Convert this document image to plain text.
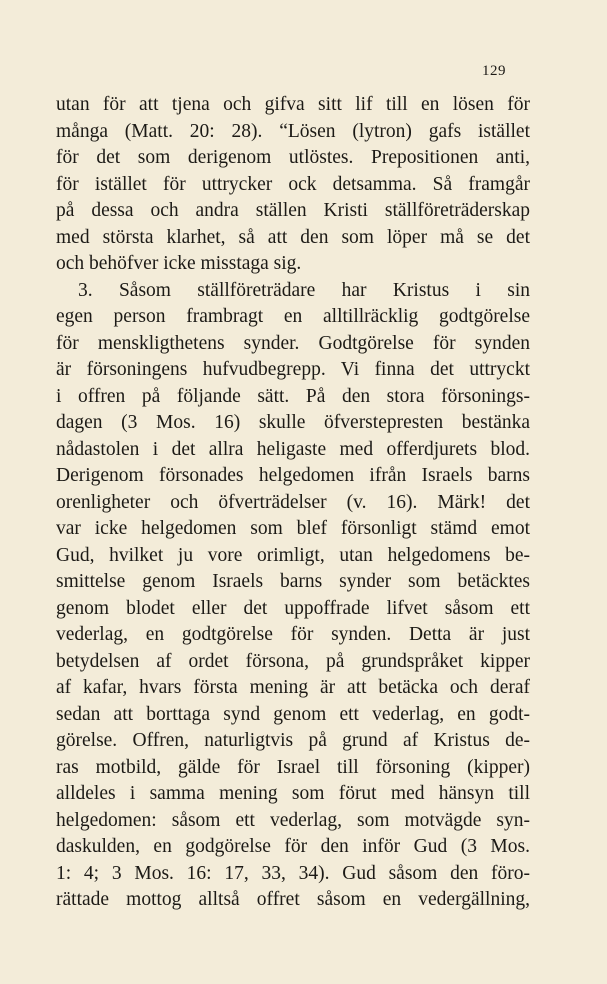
129
utan för att tjena och gifva sitt lif till en lösen för
många (Matt. 20: 28). “Lösen (lytron) gafs istället
för det som derigenom utlöstes. Prepositionen anti,
för istället för uttrycker ock detsamma. Så framgår
på dessa och andra ställen Kristi ställföreträderskap
med största klarhet, så att den som löper må se det
och behöfver icke misstaga sig.
3. Såsom ställföreträdare har Kristus i sin
egen person frambragt en alltillräcklig godtgörelse
för menskligthetens synder. Godtgörelse för synden
är försoningens hufvudbegrepp. Vi finna det uttryckt
i offren på följande sätt. På den stora försonings-
dagen (3 Mos. 16) skulle öfverstepresten bestänka
nådastolen i det allra heligaste med offerdjurets blod.
Derigenom försonades helgedomen ifrån Israels barns
orenligheter och öfverträdelser (v. 16). Märk! det
var icke helgedomen som blef försonligt stämd emot
Gud, hvilket ju vore orimligt, utan helgedomens be-
smittelse genom Israels barns synder som betäcktes
genom blodet eller det uppoffrade lifvet såsom ett
vederlag, en godtgörelse för synden. Detta är just
betydelsen af ordet försona, på grundspråket kipper
af kafar, hvars första mening är att betäcka och deraf
sedan att borttaga synd genom ett vederlag, en godt-
görelse. Offren, naturligtvis på grund af Kristus de-
ras motbild, gälde för Israel till försoning (kipper)
alldeles i samma mening som förut med hänsyn till
helgedomen: såsom ett vederlag, som motvägde syn-
daskulden, en godgörelse för den inför Gud (3 Mos.
1: 4; 3 Mos. 16: 17, 33, 34). Gud såsom den föro-
rättade mottog alltså offret såsom en vedergällning,
